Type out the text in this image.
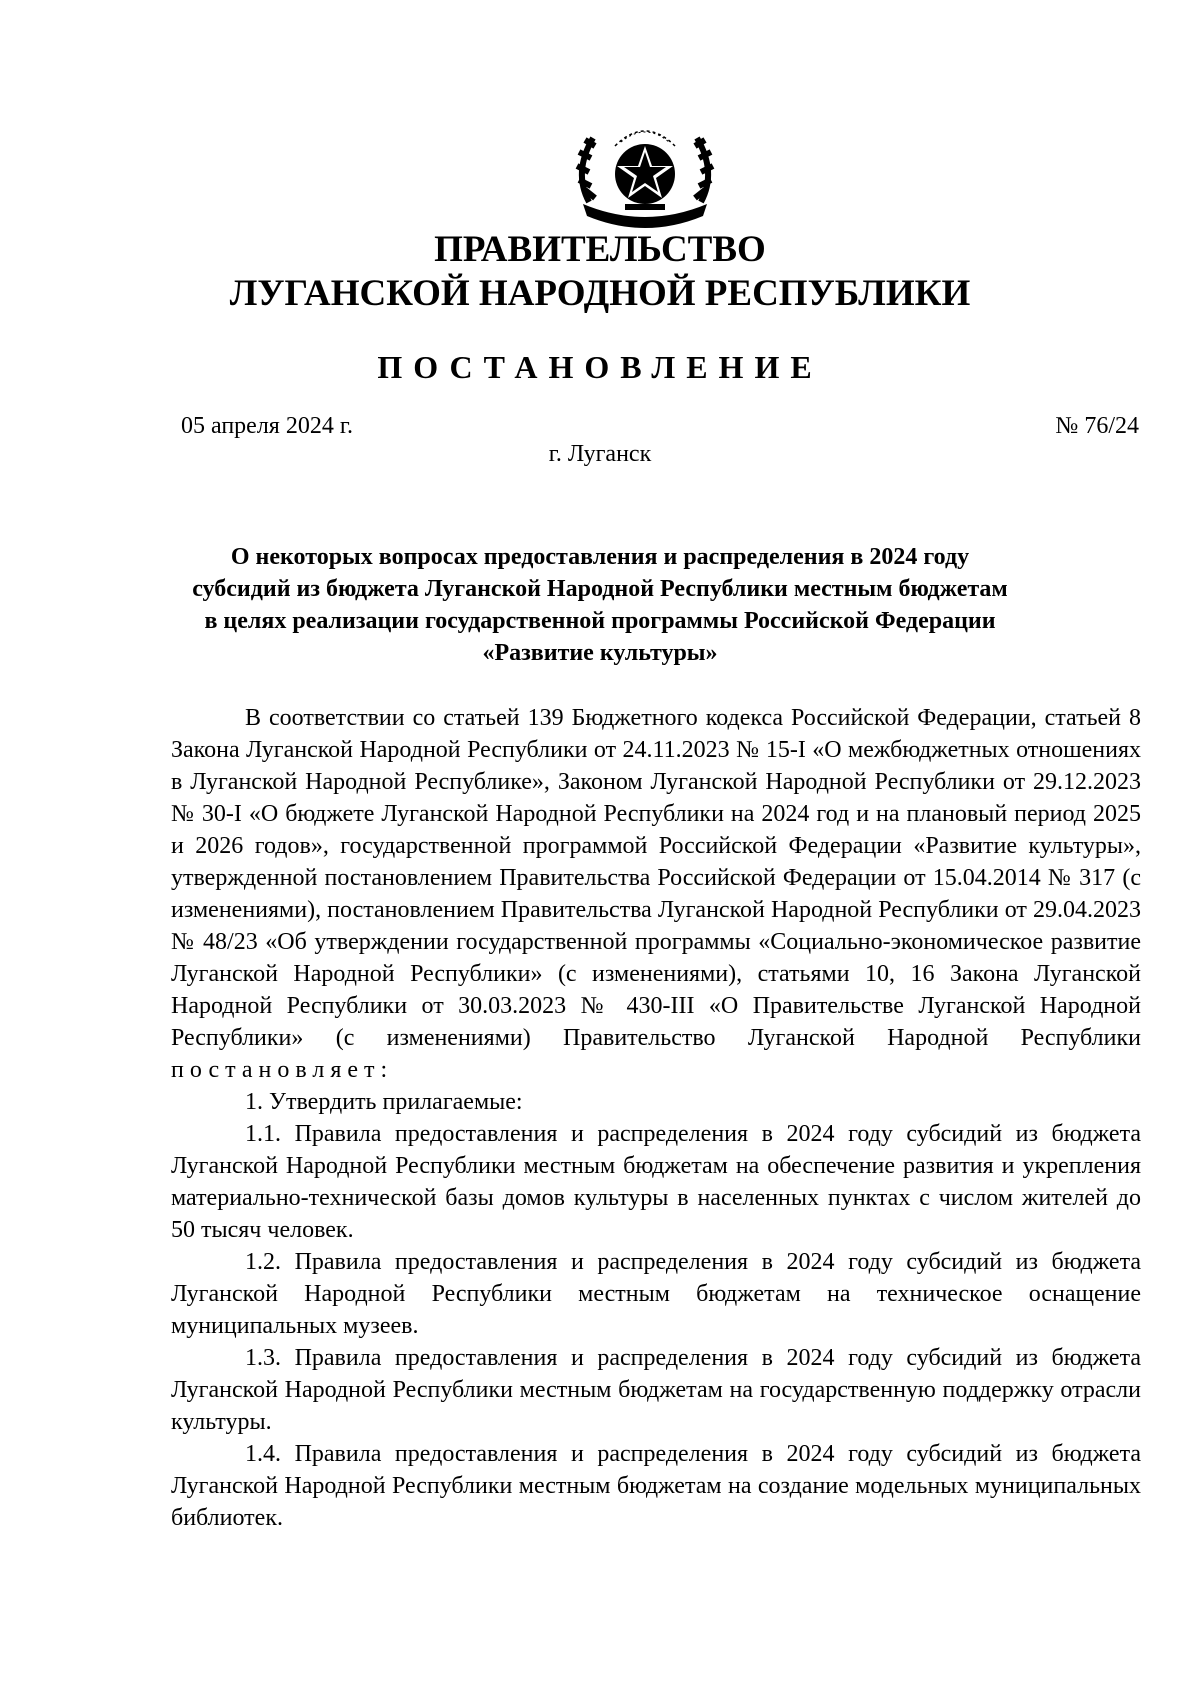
ПРАВИТЕЛЬСТВО
ЛУГАНСКОЙ НАРОДНОЙ РЕСПУБЛИКИ
ПОСТАНОВЛЕНИЕ
05 апреля 2024 г.	№ 76/24
г. Луганск
О некоторых вопросах предоставления и распределения в 2024 году
субсидий из бюджета Луганской Народной Республики местным бюджетам
в целях реализации государственной программы Российской Федерации
«Развитие культуры»

В соответствии со статьей 139 Бюджетного кодекса Российской Федерации, статьей 8 Закона Луганской Народной Республики от 24.11.2023 № 15-I «О межбюджетных отношениях в Луганской Народной Республике», Законом Луганской Народной Республики от 29.12.2023 № 30-I «О бюджете Луганской Народной Республики на 2024 год и на плановый период 2025 и 2026 годов», государственной программой Российской Федерации «Развитие культуры», утвержденной постановлением Правительства Российской Федерации от 15.04.2014 № 317 (с изменениями), постановлением Правительства Луганской Народной Республики от 29.04.2023 № 48/23 «Об утверждении государственной программы «Социально-экономическое развитие Луганской Народной Республики» (с изменениями), статьями 10, 16 Закона Луганской Народной Республики от 30.03.2023 № 430-III «О Правительстве Луганской Народной Республики» (с изменениями) Правительство Луганской Народной Республики постановляет:

1. Утвердить прилагаемые:

1.1. Правила предоставления и распределения в 2024 году субсидий из бюджета Луганской Народной Республики местным бюджетам на обеспечение развития и укрепления материально-технической базы домов культуры в населенных пунктах с числом жителей до 50 тысяч человек.

1.2. Правила предоставления и распределения в 2024 году субсидий из бюджета Луганской Народной Республики местным бюджетам на техническое оснащение муниципальных музеев.

1.3. Правила предоставления и распределения в 2024 году субсидий из бюджета Луганской Народной Республики местным бюджетам на государственную поддержку отрасли культуры.

1.4. Правила предоставления и распределения в 2024 году субсидий из бюджета Луганской Народной Республики местным бюджетам на создание модельных муниципальных библиотек.
